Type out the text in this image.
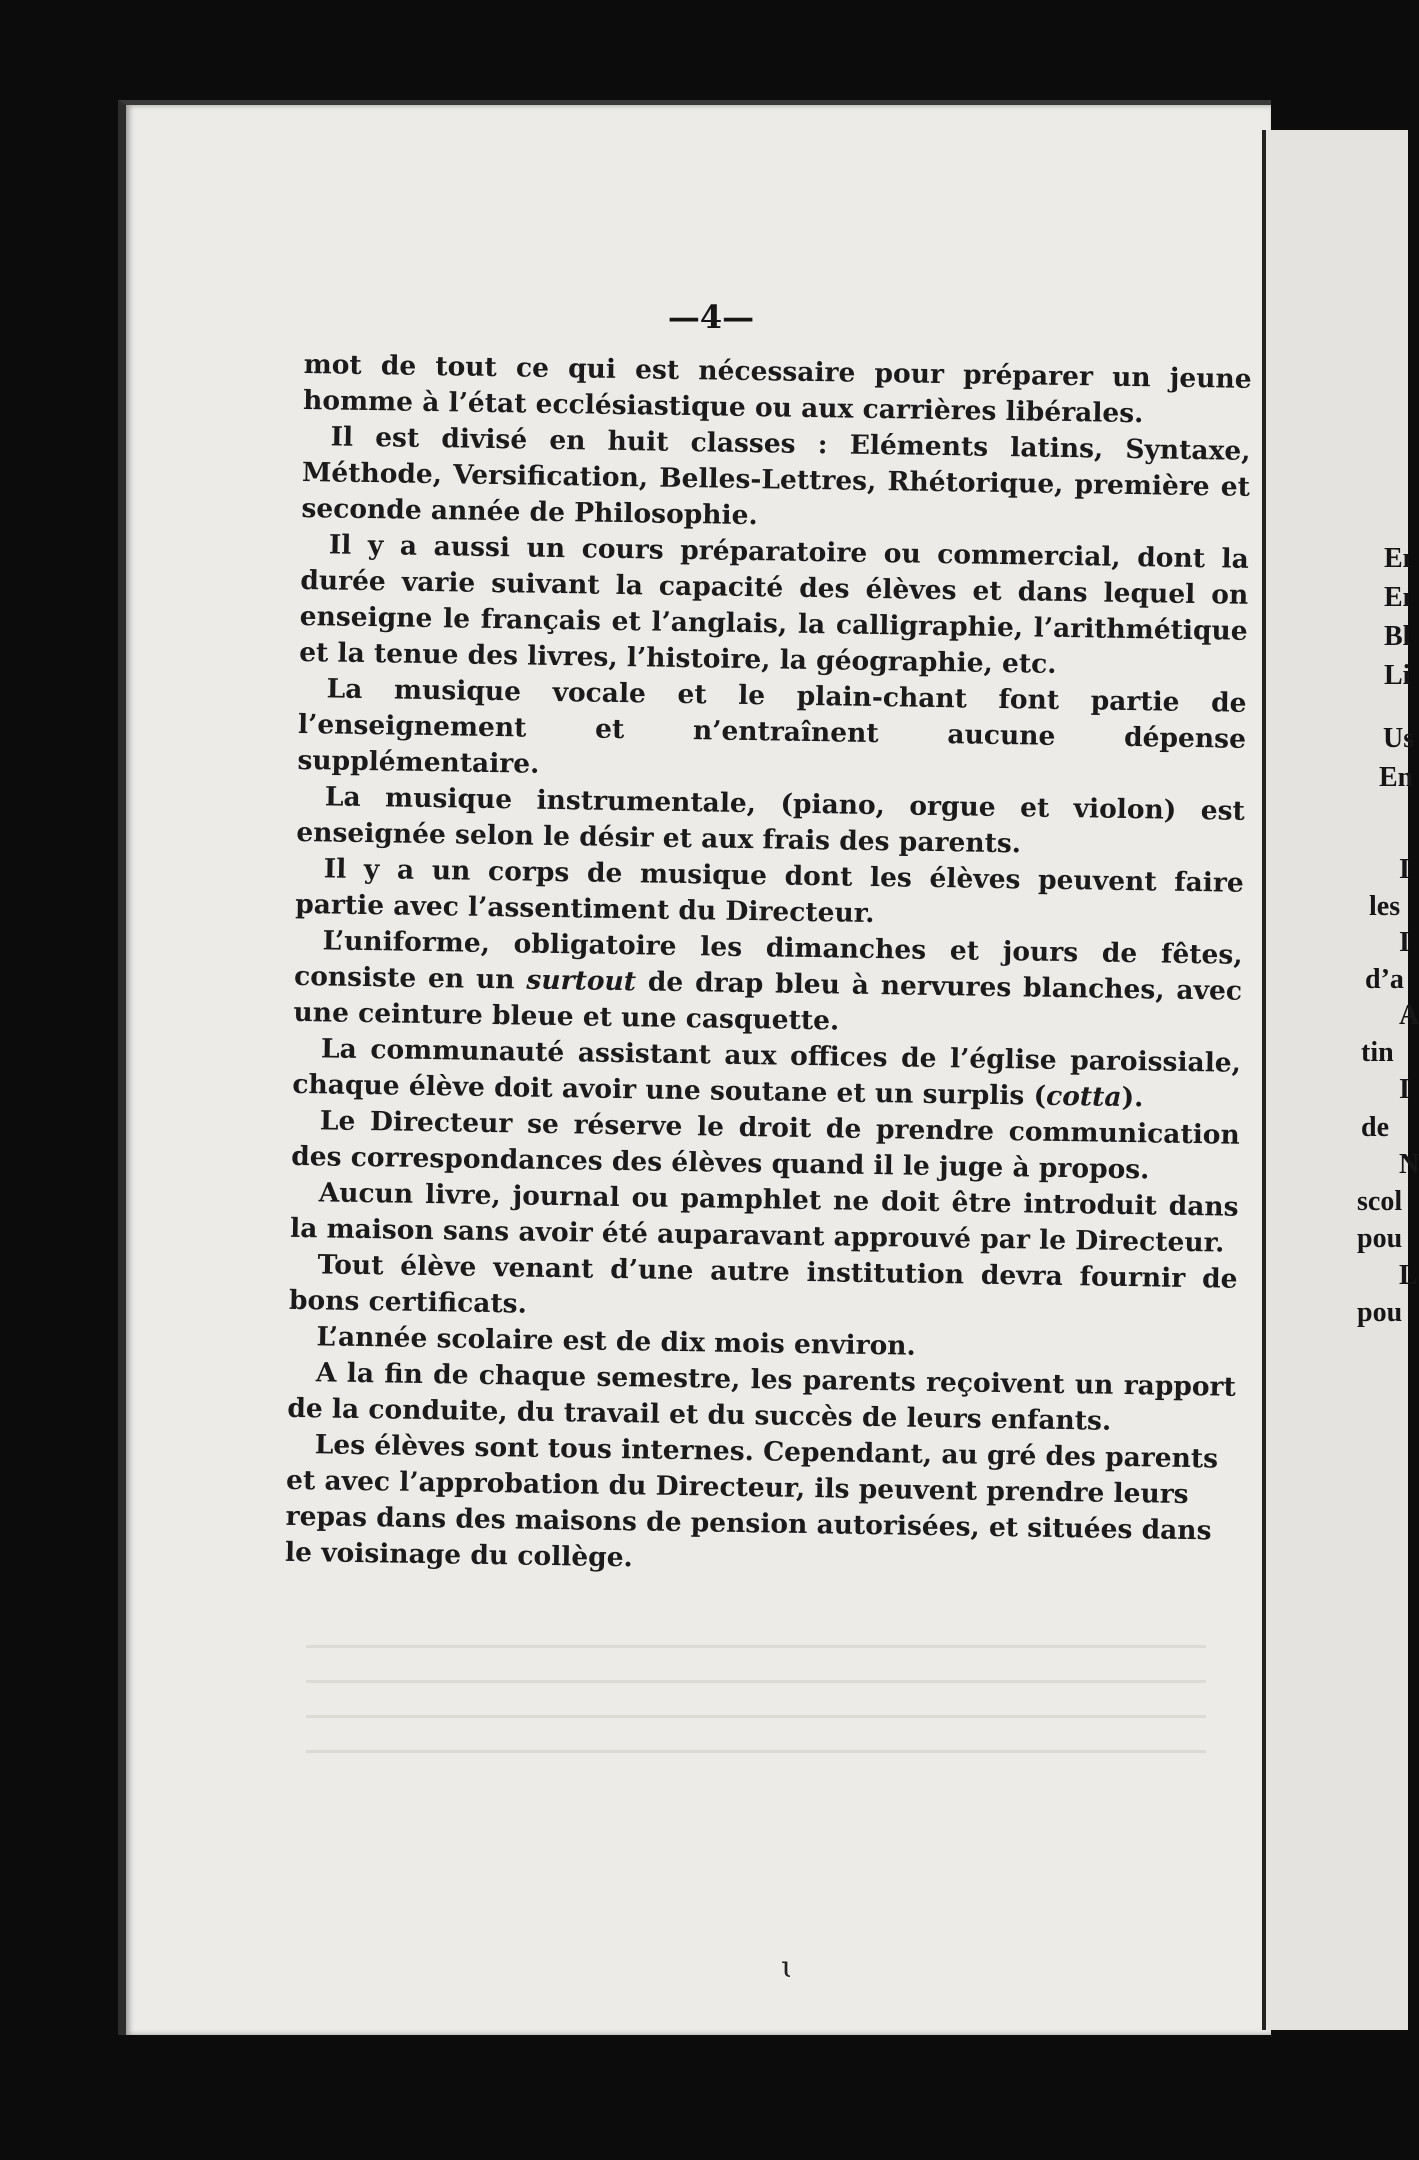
—4—

mot de tout ce qui est nécessaire pour préparer un jeune homme à l’état ecclésiastique ou aux carrières libérales.

Il est divisé en huit classes : Eléments latins, Syntaxe, Méthode, Versification, Belles-Lettres, Rhétorique, première et seconde année de Philosophie.

Il y a aussi un cours préparatoire ou commercial, dont la durée varie suivant la capacité des élèves et dans lequel on enseigne le français et l’anglais, la calligraphie, l’arithmétique et la tenue des livres, l’histoire, la géographie, etc.

La musique vocale et le plain-chant font partie de l’enseignement et n’entraînent aucune dépense supplémentaire.

La musique instrumentale, (piano, orgue et violon) est enseignée selon le désir et aux frais des parents.

Il y a un corps de musique dont les élèves peuvent faire partie avec l’assentiment du Directeur.

L’uniforme, obligatoire les dimanches et jours de fêtes, consiste en un surtout de drap bleu à nervures blanches, avec une ceinture bleue et une casquette.

La communauté assistant aux offices de l’église paroissiale, chaque élève doit avoir une soutane et un surplis (cotta).

Le Directeur se réserve le droit de prendre communication des correspondances des élèves quand il le juge à propos.

Aucun livre, journal ou pamphlet ne doit être introduit dans la maison sans avoir été auparavant approuvé par le Directeur.

Tout élève venant d’une autre institution devra fournir de bons certificats.

L’année scolaire est de dix mois environ.

A la fin de chaque semestre, les parents reçoivent un rapport de la conduite, du travail et du succès de leurs enfants.

Les élèves sont tous internes. Cependant, au gré des parents et avec l’approbation du Directeur, ils peuvent prendre leurs repas dans des maisons de pension autorisées, et situées dans le voisinage du collège.

ɩ
Eı
Eı
Bl
Li
Us
En
I
les
I
d’a
A
tin
I
de
N
scol
pou
L
pou
